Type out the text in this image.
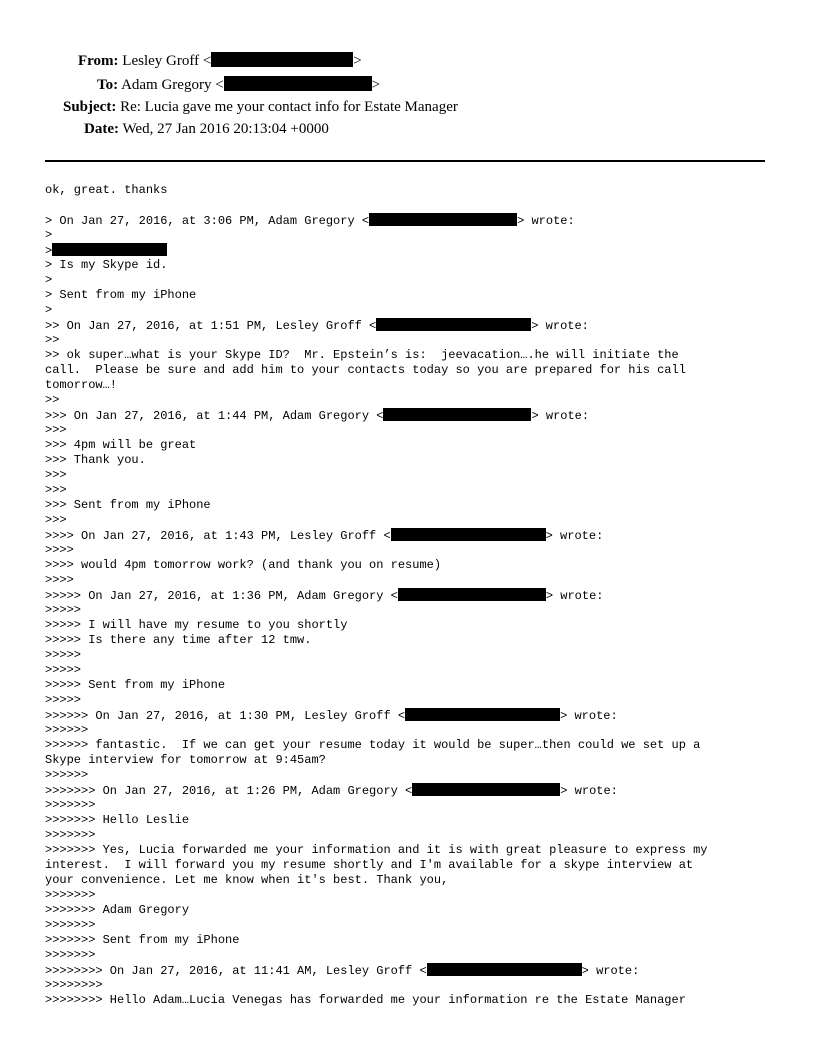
From: Lesley Groff <	>
To: Adam Gregory <	>
Subject: Re: Lucia gave me your contact info for Estate Manager
Date: Wed, 27 Jan 2016 20:13:04 +0000
ok, great. thanks
> On Jan 27, 2016, at 3:06 PM, Adam Gregory <	> wrote:
>
>
> Is my Skype id.
>
> Sent from my iPhone
>
>> On Jan 27, 2016, at 1:51 PM, Lesley Groff <	> wrote:
>>
>> ok super…what is your Skype ID?  Mr. Epstein’s is:  jeevacation….he will initiate the
call.  Please be sure and add him to your contacts today so you are prepared for his call
tomorrow…!
>>
>>> On Jan 27, 2016, at 1:44 PM, Adam Gregory <	> wrote:
>>>
>>> 4pm will be great
>>> Thank you.
>>>
>>>
>>> Sent from my iPhone
>>>
>>>> On Jan 27, 2016, at 1:43 PM, Lesley Groff <	> wrote:
>>>>
>>>> would 4pm tomorrow work? (and thank you on resume)
>>>>
>>>>> On Jan 27, 2016, at 1:36 PM, Adam Gregory <	> wrote:
>>>>>
>>>>> I will have my resume to you shortly
>>>>> Is there any time after 12 tmw.
>>>>>
>>>>>
>>>>> Sent from my iPhone
>>>>>
>>>>>> On Jan 27, 2016, at 1:30 PM, Lesley Groff <	> wrote:
>>>>>>
>>>>>> fantastic.  If we can get your resume today it would be super…then could we set up a
Skype interview for tomorrow at 9:45am?
>>>>>>
>>>>>>> On Jan 27, 2016, at 1:26 PM, Adam Gregory <	> wrote:
>>>>>>>
>>>>>>> Hello Leslie
>>>>>>>
>>>>>>> Yes, Lucia forwarded me your information and it is with great pleasure to express my
interest.  I will forward you my resume shortly and I'm available for a skype interview at
your convenience. Let me know when it's best. Thank you,
>>>>>>>
>>>>>>> Adam Gregory
>>>>>>>
>>>>>>> Sent from my iPhone
>>>>>>>
>>>>>>>> On Jan 27, 2016, at 11:41 AM, Lesley Groff <	> wrote:
>>>>>>>>
>>>>>>>> Hello Adam…Lucia Venegas has forwarded me your information re the Estate Manager
